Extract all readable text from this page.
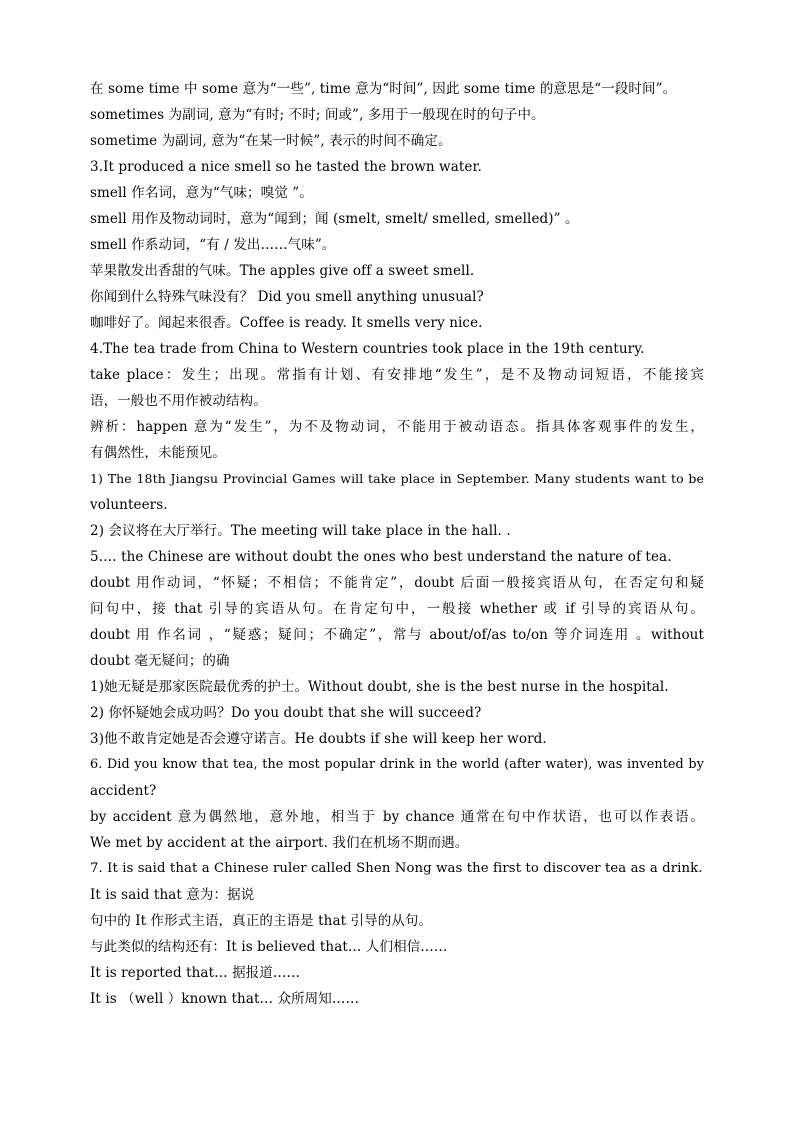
在 some time 中 some 意为“一些”, time 意为“时间”, 因此 some time 的意思是“一段时间”。
sometimes 为副词, 意为“有时; 不时; 间或”, 多用于一般现在时的句子中。
sometime 为副词, 意为“在某一时候”, 表示的时间不确定。
3.It produced a nice smell so he tasted the brown water.
smell 作名词，意为“气味；嗅觉 ”。
smell 用作及物动词时，意为“闻到；闻 (smelt, smelt/ smelled, smelled)” 。
smell 作系动词，“有 / 发出……气味”。
苹果散发出香甜的气味。The apples give off a sweet smell.
你闻到什么特殊气味没有？ Did you smell anything unusual?
咖啡好了。闻起来很香。Coffee is ready. It smells very nice.
4.The tea trade from China to Western countries took place in the 19th century.
take place：发生；出现。常指有计划、有安排地“发生”，是不及物动词短语，不能接宾
语，一般也不用作被动结构。
辨析：happen 意为“发生”，为不及物动词，不能用于被动语态。指具体客观事件的发生，
有偶然性，未能预见。
1) The 18th Jiangsu Provincial Games will take place in September. Many students want to be
volunteers.
2) 会议将在大厅举行。The meeting will take place in the hall. .
5.… the Chinese are without doubt the ones who best understand the nature of tea.
doubt 用作动词，“怀疑；不相信；不能肯定”，doubt 后面一般接宾语从句，在否定句和疑
问句中，接 that 引导的宾语从句。在肯定句中，一般接 whether 或 if 引导的宾语从句。
doubt 用 作名词 ，“疑惑；疑问；不确定”，常与 about/of/as to/on 等介词连用 。without
doubt 毫无疑问；的确
1)她无疑是那家医院最优秀的护士。Without doubt, she is the best nurse in the hospital.
2) 你怀疑她会成功吗？Do you doubt that she will succeed?
3)他不敢肯定她是否会遵守诺言。He doubts if she will keep her word.
6. Did you know that tea, the most popular drink in the world (after water), was invented by
accident?
by accident 意为偶然地，意外地，相当于 by chance 通常在句中作状语，也可以作表语。
We met by accident at the airport. 我们在机场不期而遇。
7. It is said that a Chinese ruler called Shen Nong was the first to discover tea as a drink.
It is said that 意为：据说
句中的 It 作形式主语，真正的主语是 that 引导的从句。
与此类似的结构还有：It is believed that… 人们相信……
It is reported that… 据报道……
It is （well ）known that… 众所周知……
